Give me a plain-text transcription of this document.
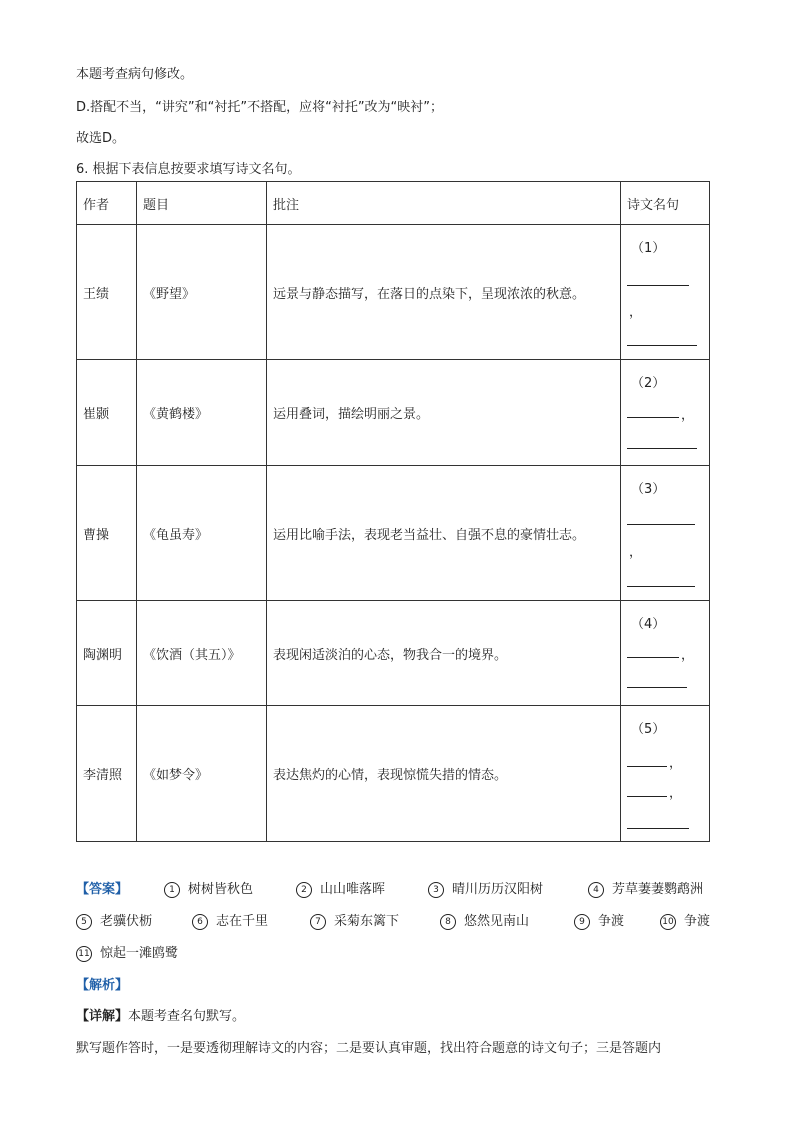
本题考查病句修改。
D.搭配不当，“讲究”和“衬托”不搭配，应将“衬托”改为“映衬”；
故选D。
6. 根据下表信息按要求填写诗文名句。
作者	题目	批注	诗文名句
王绩	《野望》	远景与静态描写，在落日的点染下，呈现浓浓的秋意。	（1）
，

崔颢	《黄鹤楼》	运用叠词，描绘明丽之景。	（2）
，

曹操	《龟虽寿》	运用比喻手法，表现老当益壮、自强不息的豪情壮志。	（3）
，

陶渊明	《饮酒（其五）》	表现闲适淡泊的心态，物我合一的境界。	（4）
，

李清照	《如梦令》	表达焦灼的心情，表现惊慌失措的情态。	（5）
，
，
【答案】	1 树树皆秋色	2 山山唯落晖	3 晴川历历汉阳树	4 芳草萋萋鹦鹉洲
5 老骥伏枥	6 志在千里	7 采菊东篱下	8 悠然见南山	9 争渡	10 争渡
11 惊起一滩鸥鹭
【解析】
【详解】本题考查名句默写。
默写题作答时，一是要透彻理解诗文的内容；二是要认真审题，找出符合题意的诗文句子；三是答题内
